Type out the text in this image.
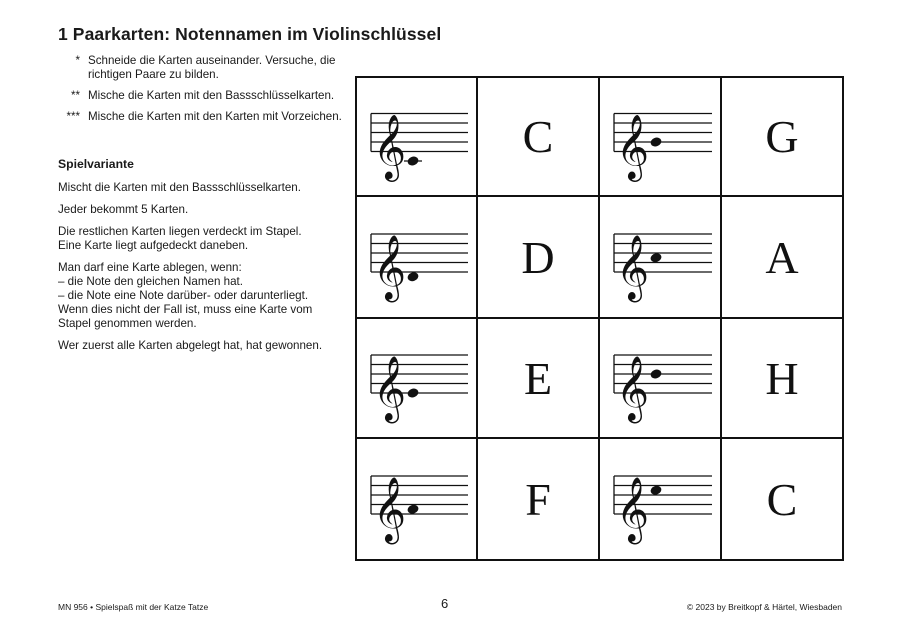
1 Paarkarten: Notennamen im Violinschlüssel
* Schneide die Karten auseinander. Versuche, die richtigen Paare zu bilden.
** Mische die Karten mit den Bassschlüsselkarten.
*** Mische die Karten mit den Karten mit Vorzeichen.
Spielvariante

Mischt die Karten mit den Bassschlüsselkarten.

Jeder bekommt 5 Karten.

Die restlichen Karten liegen verdeckt im Stapel.
Eine Karte liegt aufgedeckt daneben.

Man darf eine Karte ablegen, wenn:
– die Note den gleichen Namen hat.
– die Note eine Note darüber- oder darunterliegt.
Wenn dies nicht der Fall ist, muss eine Karte vom Stapel genommen werden.

Wer zuerst alle Karten abgelegt hat, hat gewonnen.

𝄞	C	𝄞	G
𝄞	D	𝄞	A
𝄞	E	𝄞	H
𝄞	F	𝄞	C
MN 956 • Spielspaß mit der Katze Tatze	6	© 2023 by Breitkopf & Härtel, Wiesbaden
